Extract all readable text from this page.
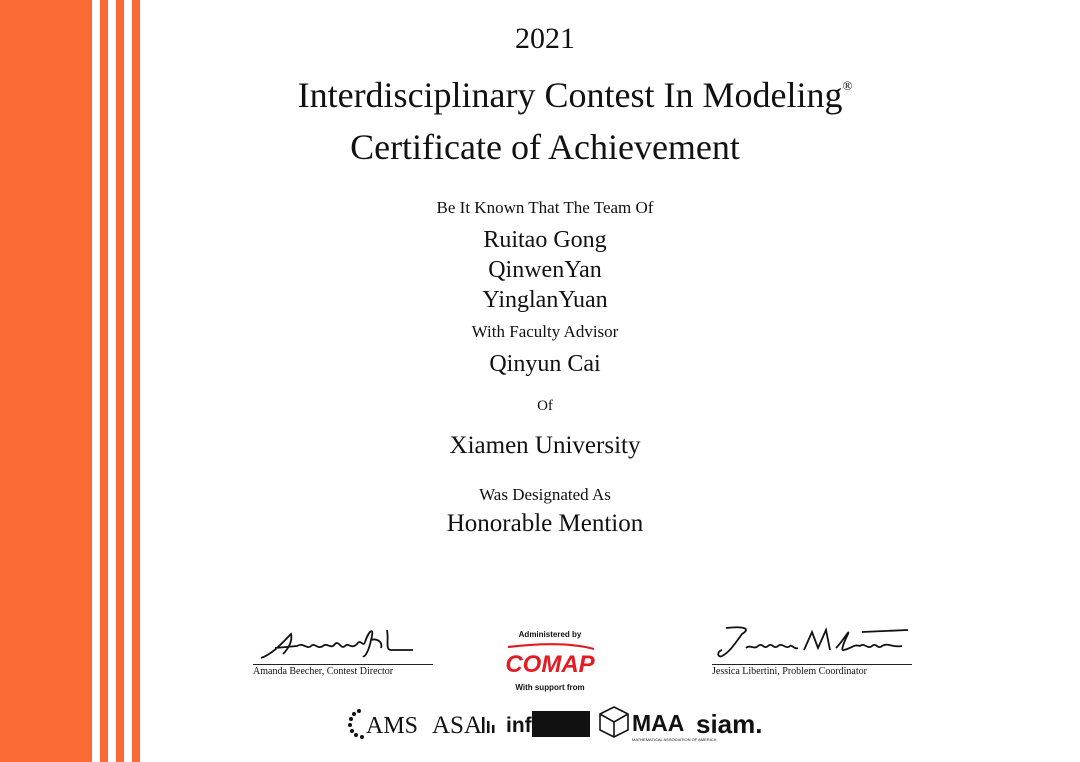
2021
Interdisciplinary Contest In Modeling®
Certificate of Achievement
Be It Known That The Team Of
Ruitao Gong
QinwenYan
YinglanYuan
With Faculty Advisor
Qinyun Cai
Of
Xiamen University
Was Designated As
Honorable Mention
Amanda Beecher, Contest Director	Jessica Libertini, Problem Coordinator
Administered by
COMAP
With support from
AMS ASA informs MAA
MATHEMATICAL ASSOCIATION OF AMERICA
siam.
